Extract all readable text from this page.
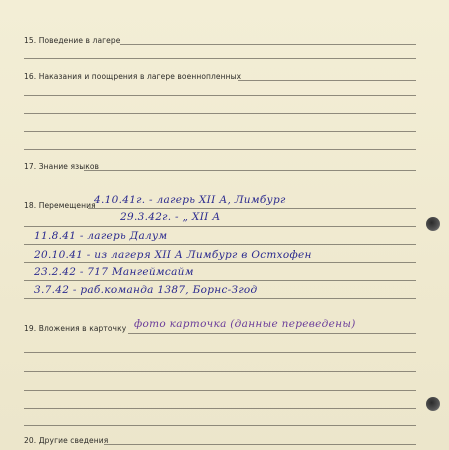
15. Поведение в лагере
16. Наказания и поощрения в лагере военнопленных
17. Знание языков
18. Перемещения
4.10.41г. - лагерь XII А, Лимбург
29.3.42г. - „ XII А
11.8.41 - лагерь Далум
20.10.41 - из лагеря XII А Лимбург в Остхофен
23.2.42 - 717 Мангеймсайм
3.7.42 - раб.команда 1387, Борнс-Згод
19. Вложения в карточку фото карточка (данные переведены)
20. Другие сведения
